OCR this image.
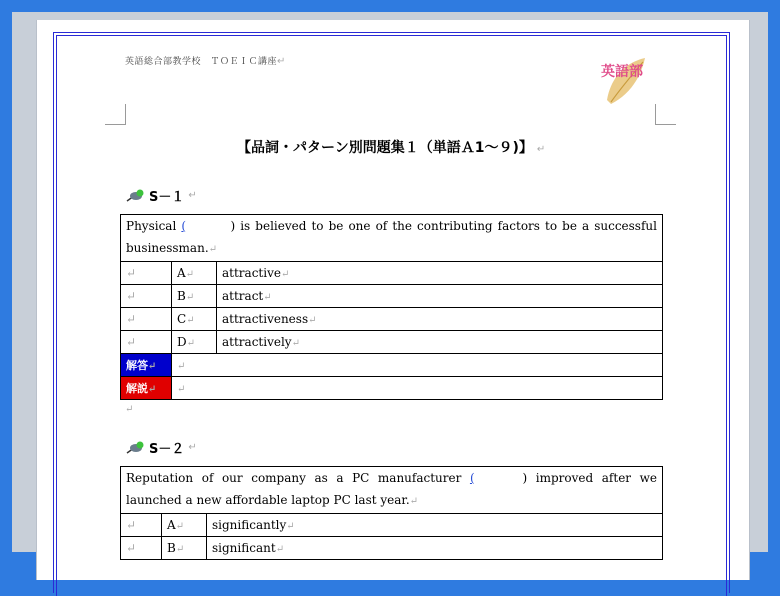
英語総合部教学校　ＴＯＥＩＣ講座↵
英語部
【品詞・パターン別問題集１（単語Ａ1～９)】 ↵
S－１ ↵
Physical ( ) is believed to be one of the contributing factors to be a successful businessman.↵		
↵	A↵	attractive↵
↵	B↵	attract↵
↵	C↵	attractiveness↵
↵	D↵	attractively↵
解答↵	↵	
解説↵	↵	
↵
S－２ ↵
Reputation of our company as a PC manufacturer ( ) improved after we launched a new affordable laptop PC last year.↵		
↵	A↵	significantly↵
↵	B↵	significant↵
